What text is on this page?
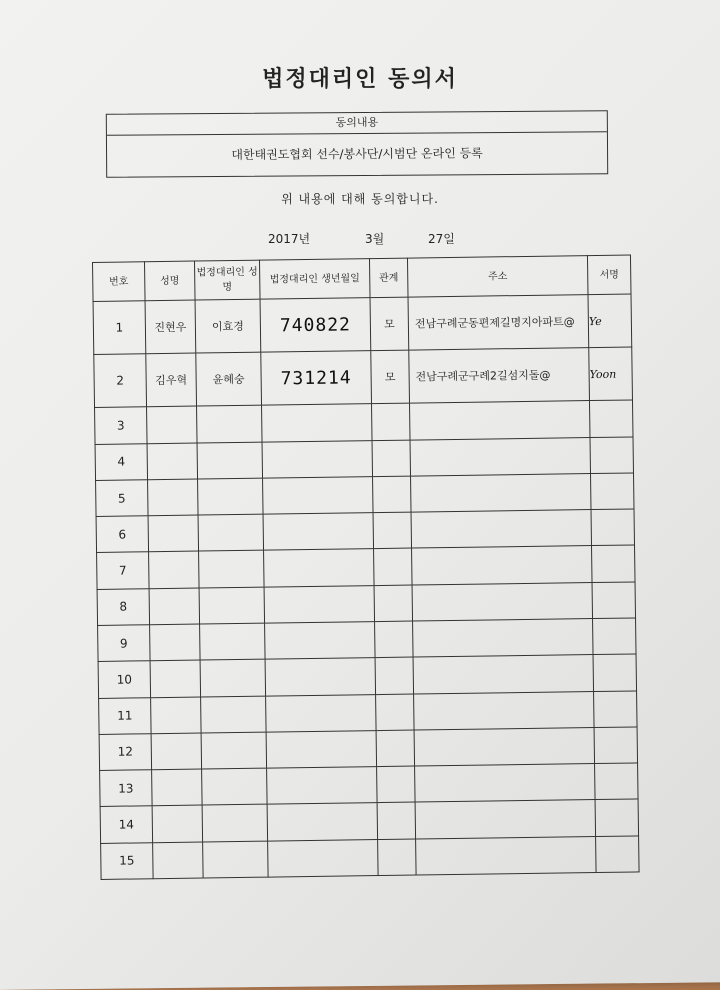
법정대리인 동의서
동의내용
대한태권도협회 선수/봉사단/시범단 온라인 등록
위 내용에 대해 동의합니다.
2017년	3월	27일
번호	성명	법정대리인 성명	법정대리인 생년월일	관계	주소	서명
1	진현우	이효경	740822	모	전남구례군동편제길명지아파트@	Ye
2	김우혁	윤혜숭	731214	모	전남구례군구례2길섬지돌@	Yoon
3						
4						
5						
6						
7						
8						
9						
10						
11						
12						
13						
14						
15						
